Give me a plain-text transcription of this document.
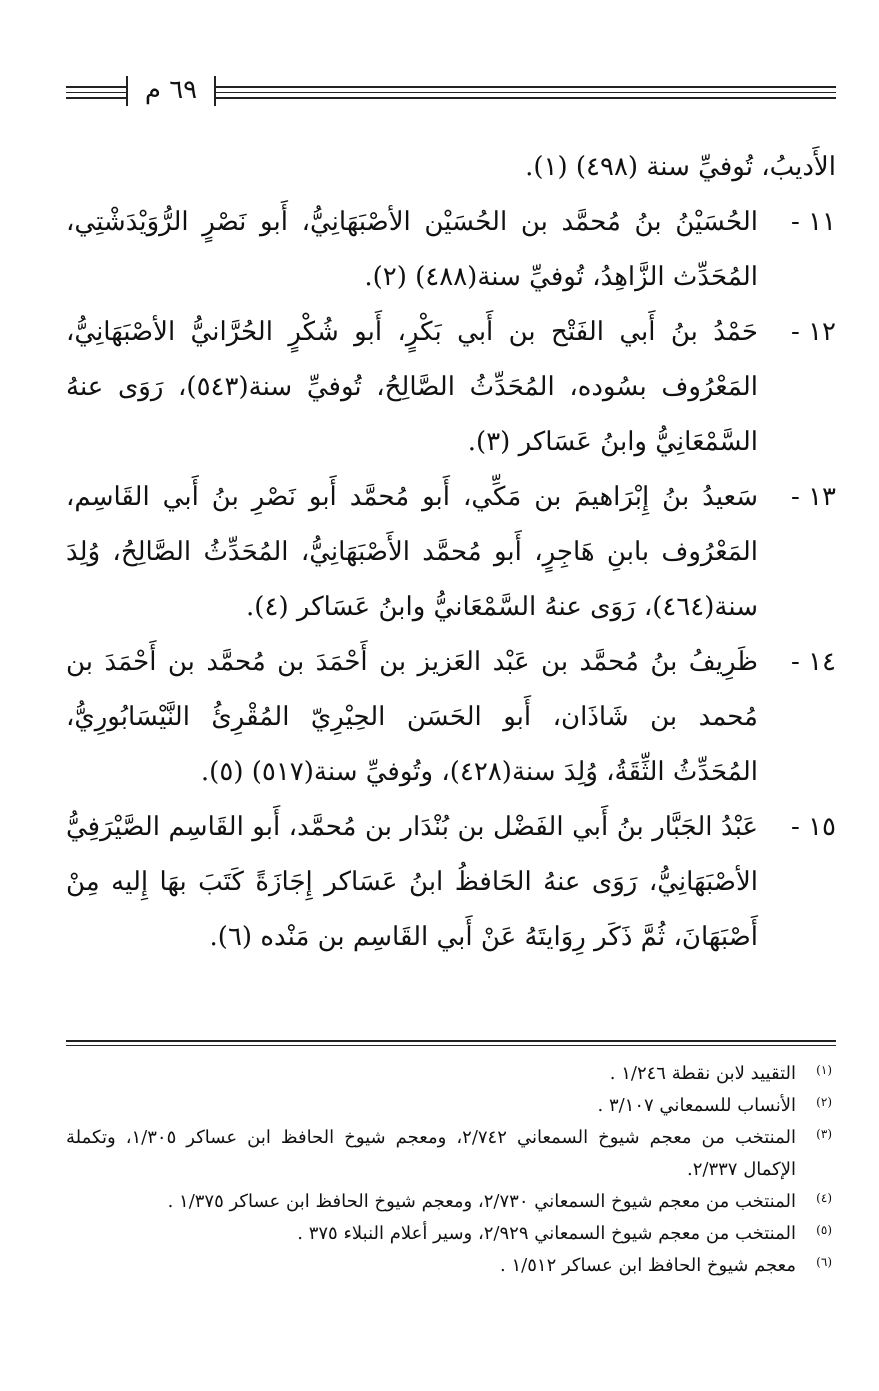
٦٩ م

الأَديبُ، تُوفيِّ سنة (٤٩٨) (١).

١١ -
الحُسَيْنُ بنُ مُحمَّد بن الحُسَيْن الأصْبَهَانِيُّ، أَبو نَصْرٍ الرُّوَيْدَشْتِي، المُحَدِّث الزَّاهِدُ، تُوفيِّ سنة(٤٨٨) (٢).

١٢ -
حَمْدُ بنُ أَبي الفَتْح بن أَبي بَكْرٍ، أَبو شُكْرٍ الحُرَّانيُّ الأصْبَهَانِيُّ، المَعْرُوف بسُوده، المُحَدِّثُ الصَّالِحُ، تُوفيِّ سنة(٥٤٣)، رَوَى عنهُ السَّمْعَانِيُّ وابنُ عَسَاكر (٣).

١٣ -
سَعيدُ بنُ إِبْرَاهيمَ بن مَكِّي، أَبو مُحمَّد أَبو نَصْرِ بنُ أَبي القَاسِم، المَعْرُوف بابنِ هَاجِرٍ، أَبو مُحمَّد الأَصْبَهَانِيُّ، المُحَدِّثُ الصَّالِحُ، وُلِدَ سنة(٤٦٤)، رَوَى عنهُ السَّمْعَانيُّ وابنُ عَسَاكر (٤).

١٤ -
ظَرِيفُ بنُ مُحمَّد بن عَبْد العَزيز بن أَحْمَدَ بن مُحمَّد بن أَحْمَدَ بن مُحمد بن شَاذَان، أَبو الحَسَن الحِيْرِيّ المُقْرِئُ النَّيْسَابُورِيُّ، المُحَدِّثُ الثِّقَةُ، وُلِدَ سنة(٤٢٨)، وتُوفيِّ سنة(٥١٧) (٥).

١٥ -
عَبْدُ الجَبَّار بنُ أَبي الفَضْل بن بُنْدَار بن مُحمَّد، أَبو القَاسِم الصَّيْرَفِيُّ الأصْبَهَانِيُّ، رَوَى عنهُ الحَافظُ ابنُ عَسَاكر إِجَازَةً كَتَبَ بهَا إِليه مِنْ أَصْبَهَانَ، ثُمَّ ذَكَر رِوَايتَهُ عَنْ أَبي القَاسِم بن مَنْده (٦).

(١)
التقييد لابن نقطة ١/٢٤٦ .

(٢)
الأنساب للسمعاني ٣/١٠٧ .

(٣)
المنتخب من معجم شيوخ السمعاني ٢/٧٤٢، ومعجم شيوخ الحافظ ابن عساكر ١/٣٠٥، وتكملة الإكمال ٢/٣٣٧.

(٤)
المنتخب من معجم شيوخ السمعاني ٢/٧٣٠، ومعجم شيوخ الحافظ ابن عساكر ١/٣٧٥ .

(٥)
المنتخب من معجم شيوخ السمعاني ٢/٩٢٩، وسير أعلام النبلاء ٣٧٥ .

(٦)
معجم شيوخ الحافظ ابن عساكر ١/٥١٢ .
